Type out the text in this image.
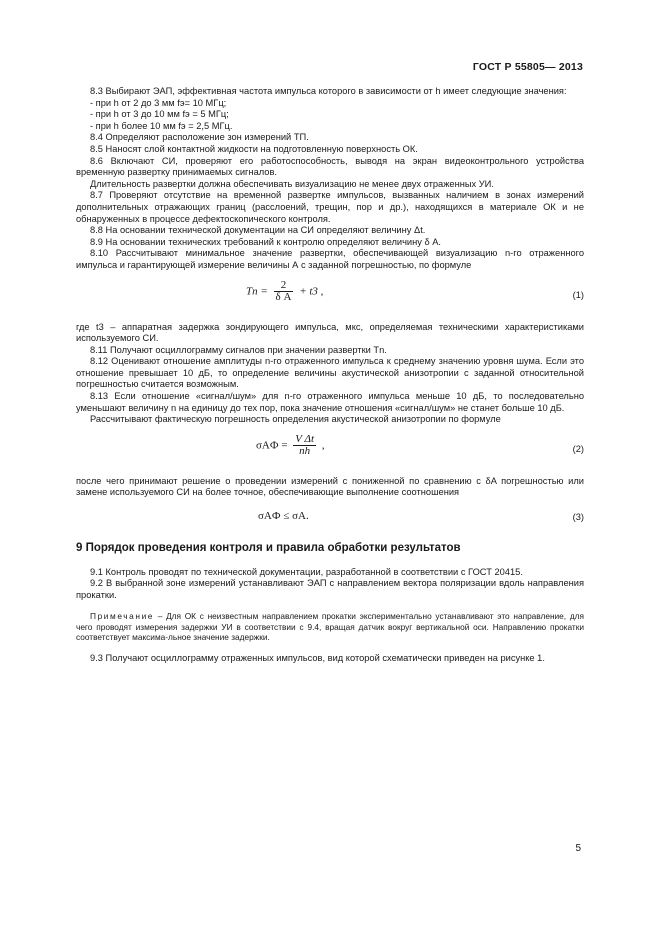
ГОСТ Р 55805— 2013

8.3 Выбирают ЭАП, эффективная частота импульса которого в зависимости от h имеет следующие значения:

- при h от 2 до 3 мм fэ= 10 МГц;

- при h от 3 до 10 мм fэ = 5 МГц;

- при h более 10 мм fэ = 2,5 МГц.

8.4 Определяют расположение зон измерений ТП.

8.5 Наносят слой контактной жидкости на подготовленную поверхность ОК.

8.6 Включают СИ, проверяют его работоспособность, выводя на экран видеоконтрольного устройства временную развертку принимаемых сигналов.

Длительность развертки должна обеспечивать визуализацию не менее двух отраженных УИ.

8.7 Проверяют отсутствие на временной развертке импульсов, вызванных наличием в зонах измерений дополнительных отражающих границ (расслоений, трещин, пор и др.), находящихся в материале ОК и не обнаруженных в процессе дефектоскопического контроля.

8.8 На основании технической документации на СИ определяют величину Δt.

8.9 На основании технических требований к контролю определяют величину δ А.

8.10 Рассчитывают минимальное значение развертки, обеспечивающей визуализацию n-го отраженного импульса и гарантирующей измерение величины А с заданной погрешностью, по формуле

$Tn = \frac{2}{\text{δ A}} + t3$ ,	(1)

где t3 – аппаратная задержка зондирующего импульса, мкс, определяемая техническими характеристиками используемого СИ.

8.11 Получают осциллограмму сигналов при значении развертки Tn.

8.12 Оценивают отношение амплитуды n-го отраженного импульса к среднему значению уровня шума. Если это отношение превышает 10 дБ, то определение величины акустической анизотропии с заданной относительной погрешностью считается возможным.

8.13 Если отношение «сигнал/шум» для n-го отраженного импульса меньше 10 дБ, то последовательно уменьшают величину n на единицу до тех пор, пока значение отношения «сигнал/шум» не станет больше 10 дБ.

Рассчитывают фактическую погрешность определения акустической анизотропии по формуле

$\sigma AФ = \frac{\text{V Δt}}{nh}$ ,	(2)

после чего принимают решение о проведении измерений с пониженной по сравнению с δA погрешностью или замене используемого СИ на более точное, обеспечивающие выполнение соотношения

σAФ ≤ σA.	(3)
9 Порядок проведения контроля и правила обработки результатов

9.1 Контроль проводят по технической документации, разработанной в соответствии с ГОСТ 20415.

9.2 В выбранной зоне измерений устанавливают ЭАП с направлением вектора поляризации вдоль направления прокатки.

Примечание – Для ОК с неизвестным направлением прокатки экспериментально устанавливают это направление, для чего проводят измерения задержки УИ в соответствии с 9.4, вращая датчик вокруг вертикальной оси. Направлению прокатки соответствует максима-льное значение задержки.

9.3 Получают осциллограмму отраженных импульсов, вид которой схематически приведен на рисунке 1.

5
